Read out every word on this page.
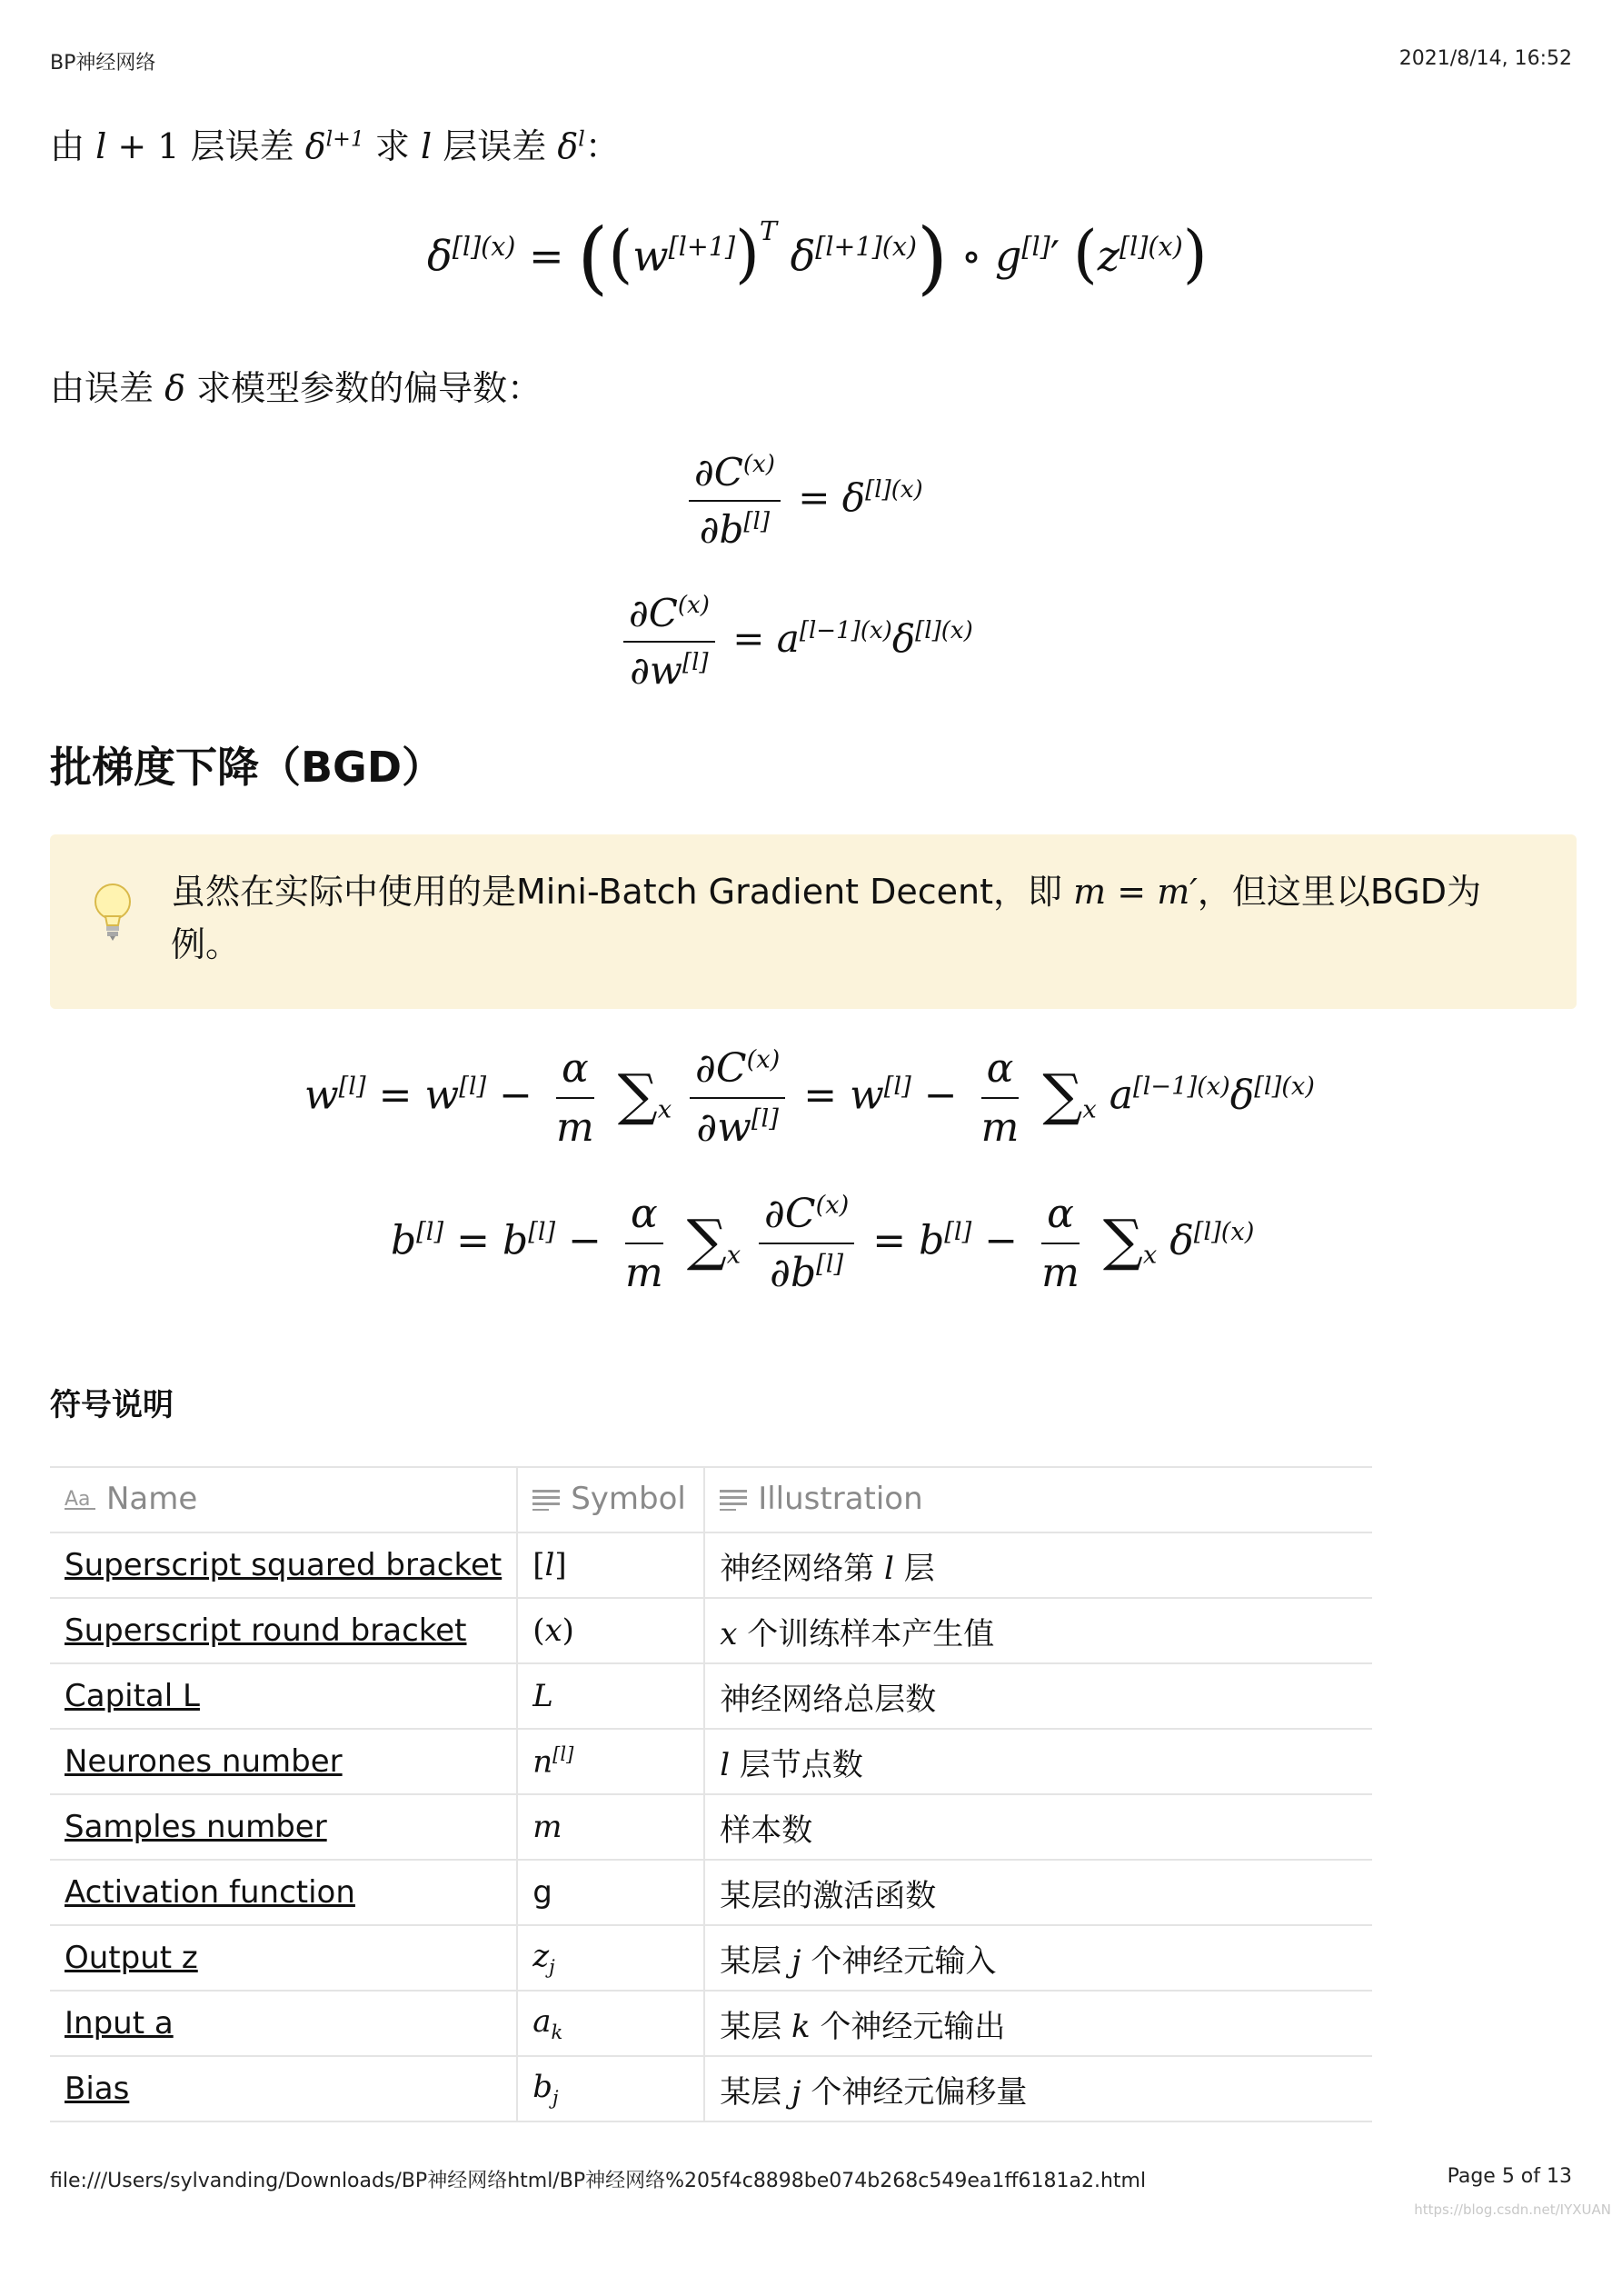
BP神经网络	2021/8/14, 16:52
由 l + 1 层误差 $\delta^{l+1}$ 求 l 层误差 $\delta^l$：
$\delta^{[l](x)} = ((w[l+1])^T$ $\delta^{[l+1](x)}$) ∘ g[l]′ $(z^{[l](x)})$
由误差 δ 求模型参数的偏导数：
$\frac{\partial C^{(x)}}{\partial b^{[l]}} = \delta^{[l](x)}$
$\frac{\partial C^{(x)}}{\partial w^{[l]}} = a^{[l-1](x)}\delta^{[l](x)}$
批梯度下降（BGD）
虽然在实际中使用的是Mini-Batch Gradient Decent，即 m = m′，但这里以BGD为例。
$w[l] = w[l] - \frac{\alpha}{m} \sum_x \frac{\partial C^{(x)}}{\partial w^{[l]}} = w[l] - \frac{\alpha}{m} \sum_x$ $a^{[l-1](x)}\delta^{[l](x)}$
$b[l] = b[l] - \frac{\alpha}{m} \sum_x \frac{\partial C^{(x)}}{\partial b^{[l]}} = b[l] - \frac{\alpha}{m} \sum_x$ $\delta^{[l](x)}$
符号说明
Aa Name	Symbol	Illustration
Superscript squared bracket	[l]	神经网络第 l 层
Superscript round bracket	(x)	x 个训练样本产生值
Capital L	L	神经网络总层数
Neurones number	n[l]	l 层节点数
Samples number	m	样本数
Activation function	g	某层的激活函数
Output z	$z_j$	某层 j 个神经元输入
Input a	$a_k$	某层 k 个神经元输出
Bias	$b_j$	某层 j 个神经元偏移量
file:///Users/sylvanding/Downloads/BP神经网络html/BP神经网络%205f4c8898be074b268c549ea1ff6181a2.html	Page 5 of 13
https://blog.csdn.net/IYXUAN
